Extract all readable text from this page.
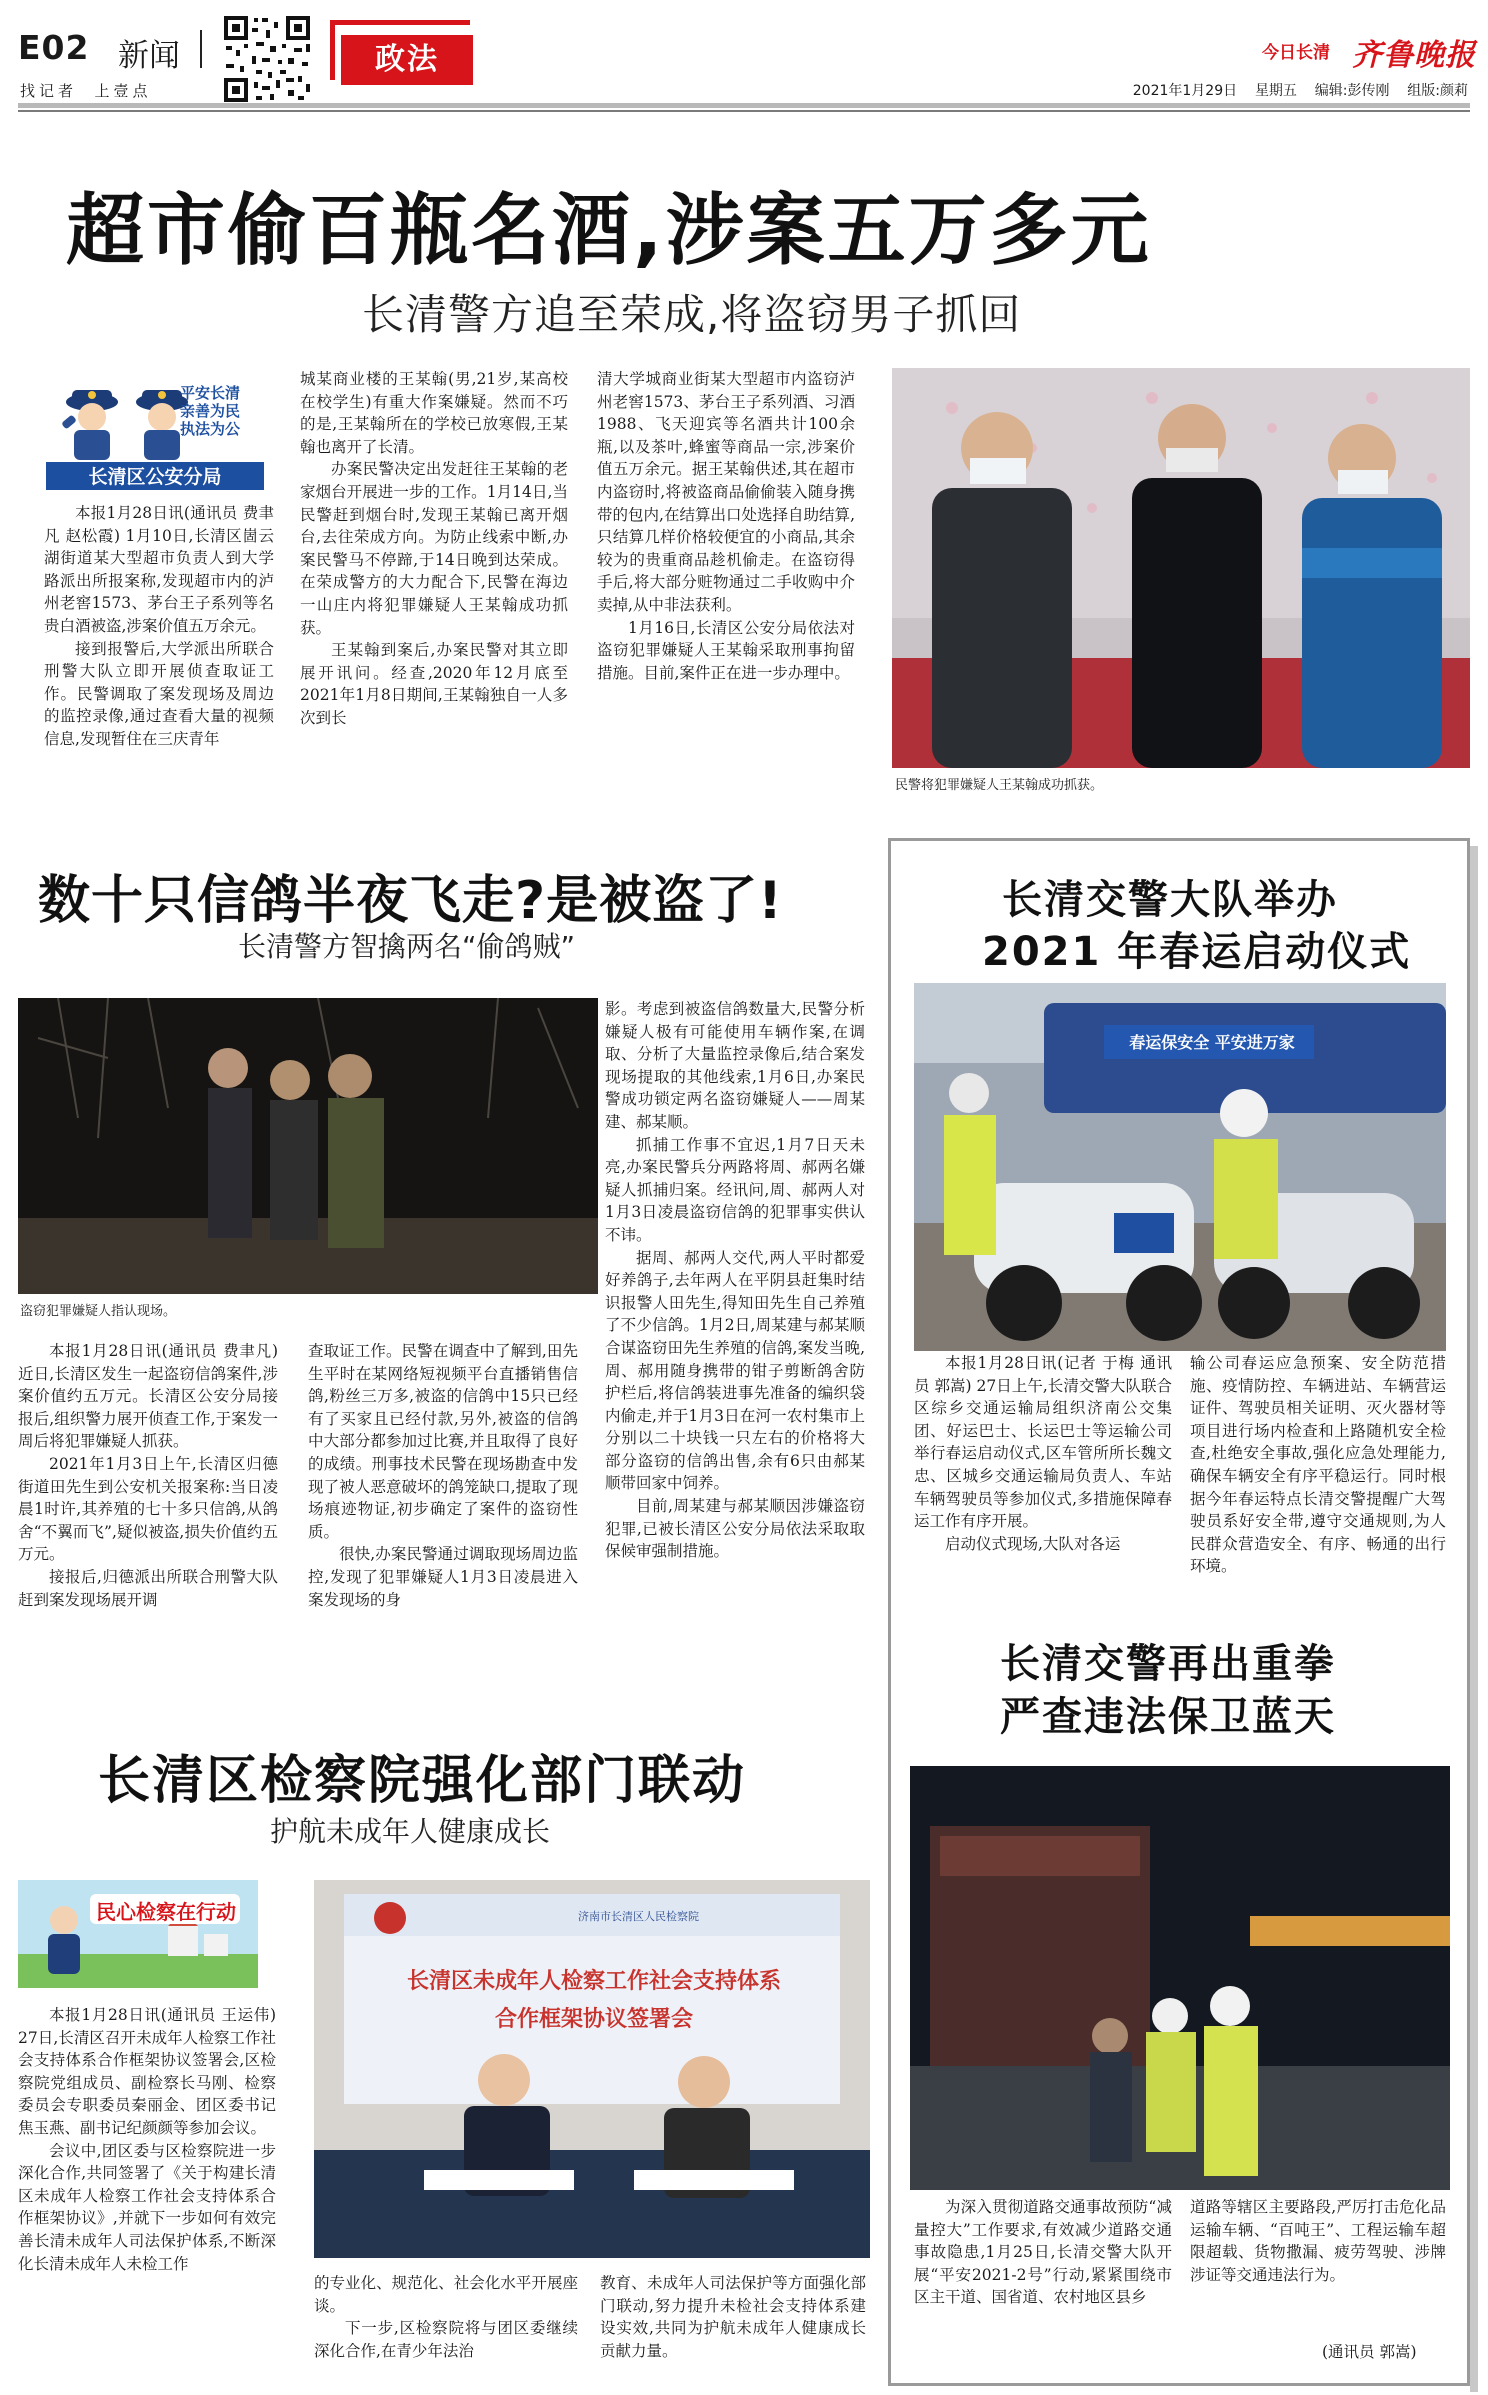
E02 新闻
找记者  上壹点
政法	今日长清 齐鲁晚报
2021年1月29日 星期五 编辑:彭传刚 组版:颜莉
超市偷百瓶名酒,涉案五万多元
长清警方追至荣成,将盗窃男子抓回
平安长清 亲善为民 执法为公
长清区公安分局

本报1月28日讯(通讯员 费聿凡 赵松霞) 1月10日,长清区崮云湖街道某大型超市负责人到大学路派出所报案称,发现超市内的泸州老窖1573、茅台王子系列等名贵白酒被盗,涉案价值五万余元。

接到报警后,大学派出所联合刑警大队立即开展侦查取证工作。民警调取了案发现场及周边的监控录像,通过查看大量的视频信息,发现暂住在三庆青年

城某商业楼的王某翰(男,21岁,某高校在校学生)有重大作案嫌疑。然而不巧的是,王某翰所在的学校已放寒假,王某翰也离开了长清。

办案民警决定出发赶往王某翰的老家烟台开展进一步的工作。1月14日,当民警赶到烟台时,发现王某翰已离开烟台,去往荣成方向。为防止线索中断,办案民警马不停蹄,于14日晚到达荣成。在荣成警方的大力配合下,民警在海边一山庄内将犯罪嫌疑人王某翰成功抓获。

王某翰到案后,办案民警对其立即展开讯问。经查,2020年12月底至2021年1月8日期间,王某翰独自一人多次到长

清大学城商业街某大型超市内盗窃泸州老窖1573、茅台王子系列酒、习酒1988、飞天迎宾等名酒共计100余瓶,以及茶叶,蜂蜜等商品一宗,涉案价值五万余元。据王某翰供述,其在超市内盗窃时,将被盗商品偷偷装入随身携带的包内,在结算出口处选择自助结算,只结算几样价格较便宜的小商品,其余较为的贵重商品趁机偷走。在盗窃得手后,将大部分赃物通过二手收购中介卖掉,从中非法获利。

1月16日,长清区公安分局依法对盗窃犯罪嫌疑人王某翰采取刑事拘留措施。目前,案件正在进一步办理中。

民警将犯罪嫌疑人王某翰成功抓获。
数十只信鸽半夜飞走?是被盗了!
长清警方智擒两名“偷鸽贼”
盗窃犯罪嫌疑人指认现场。

影。考虑到被盗信鸽数量大,民警分析嫌疑人极有可能使用车辆作案,在调取、分析了大量监控录像后,结合案发现场提取的其他线索,1月6日,办案民警成功锁定两名盗窃嫌疑人——周某建、郝某顺。

抓捕工作事不宜迟,1月7日天未亮,办案民警兵分两路将周、郝两名嫌疑人抓捕归案。经讯问,周、郝两人对1月3日凌晨盗窃信鸽的犯罪事实供认不讳。

据周、郝两人交代,两人平时都爱好养鸽子,去年两人在平阴县赶集时结识报警人田先生,得知田先生自己养殖了不少信鸽。1月2日,周某建与郝某顺合谋盗窃田先生养殖的信鸽,案发当晚,周、郝用随身携带的钳子剪断鸽舍防护栏后,将信鸽装进事先准备的编织袋内偷走,并于1月3日在河一农村集市上分别以二十块钱一只左右的价格将大部分盗窃的信鸽出售,余有6只由郝某顺带回家中饲养。

目前,周某建与郝某顺因涉嫌盗窃犯罪,已被长清区公安分局依法采取取保候审强制措施。

本报1月28日讯(通讯员 费聿凡) 近日,长清区发生一起盗窃信鸽案件,涉案价值约五万元。长清区公安分局接报后,组织警力展开侦查工作,于案发一周后将犯罪嫌疑人抓获。

2021年1月3日上午,长清区归德街道田先生到公安机关报案称:当日凌晨1时许,其养殖的七十多只信鸽,从鸽舍“不翼而飞”,疑似被盗,损失价值约五万元。

接报后,归德派出所联合刑警大队赶到案发现场展开调

查取证工作。民警在调查中了解到,田先生平时在某网络短视频平台直播销售信鸽,粉丝三万多,被盗的信鸽中15只已经有了买家且已经付款,另外,被盗的信鸽中大部分都参加过比赛,并且取得了良好的成绩。刑事技术民警在现场勘查中发现了被人恶意破坏的鸽笼缺口,提取了现场痕迹物证,初步确定了案件的盗窃性质。

很快,办案民警通过调取现场周边监控,发现了犯罪嫌疑人1月3日凌晨进入案发现场的身

长清交警大队举办
2021 年春运启动仪式
春运保安全 平安进万家

本报1月28日讯(记者 于梅 通讯员 郭嵩) 27日上午,长清交警大队联合区综乡交通运输局组织济南公交集团、好运巴士、长运巴士等运输公司举行春运启动仪式,区车管所所长魏文忠、区城乡交通运输局负责人、车站车辆驾驶员等参加仪式,多措施保障春运工作有序开展。

启动仪式现场,大队对各运

输公司春运应急预案、安全防范措施、疫情防控、车辆进站、车辆营运证件、驾驶员相关证明、灭火器材等项目进行场内检查和上路随机安全检查,杜绝安全事故,强化应急处理能力,确保车辆安全有序平稳运行。同时根据今年春运特点长清交警提醒广大驾驶员系好安全带,遵守交通规则,为人民群众营造安全、有序、畅通的出行环境。

长清交警再出重拳
严查违法保卫蓝天

为深入贯彻道路交通事故预防“减量控大”工作要求,有效减少道路交通事故隐患,1月25日,长清交警大队开展“平安2021-2号”行动,紧紧围绕市区主干道、国省道、农村地区县乡

道路等辖区主要路段,严厉打击危化品运输车辆、“百吨王”、工程运输车超限超载、货物撒漏、疲劳驾驶、涉牌涉证等交通违法行为。

(通讯员 郭嵩)
长清区检察院强化部门联动
护航未成年人健康成长
民心检察在行动

本报1月28日讯(通讯员 王运伟) 27日,长清区召开未成年人检察工作社会支持体系合作框架协议签署会,区检察院党组成员、副检察长马刚、检察委员会专职委员秦丽金、团区委书记焦玉燕、副书记纪颜颜等参加会议。

会议中,团区委与区检察院进一步深化合作,共同签署了《关于构建长清区未成年人检察工作社会支持体系合作框架协议》,并就下一步如何有效完善长清未成年人司法保护体系,不断深化长清未成年人未检工作

济南市长清区人民检察院
长清区未成年人检察工作社会支持体系
合作框架协议签署会

的专业化、规范化、社会化水平开展座谈。

下一步,区检察院将与团区委继续深化合作,在青少年法治

教育、未成年人司法保护等方面强化部门联动,努力提升未检社会支持体系建设实效,共同为护航未成年人健康成长贡献力量。
